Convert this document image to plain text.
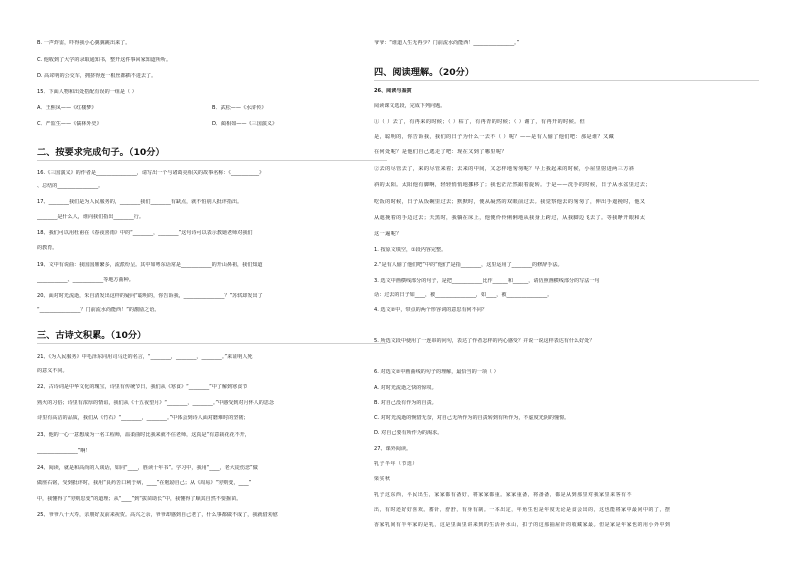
B. 一声炸雷，吓得我小心翼翼跳出来了。
C. 他收到了大学的录取通知书，整开这件事回家知道所听。
D. 高耸明的公交车，拥挤得连一根丝都插不进去了。
15．下面人物和出处搭配有误的一组是（ ）
A．王熙凤——《红楼梦》	B．武松——《水浒传》
C．严监生——《儒林外史》	D．蔺相如——《三国演义》
二、按要求完成句子。（10分）
16.《三国演义》的作者是________________，请写出一个与诸葛亮相关的故事名称：《___________》
、总结的________________。
17、________我们是为人民服务的，________我们________有缺点，就不怕别人批评指出。
________是什么人，谁向我们指出________行。
18、我们可以用杜甫在《春夜喜雨》中的“________，________”这句诗可以表示教她老师对我们
的教育。
19、文中有说曲：我国国鼎繁多，流派纷呈。其中如粤东话常是____________的开山鼻祖，我们知道
____________、____________等地方曲种。
20、面对时光流逝，朱自清发出这样的疑问“聪明的，你告诉我，________________？”苏轼却发出了
“________________？门前流水尚能西！”的激励之语。
三、古诗文积累。（10分）
21、《为人民服务》中毛泽东同用司马迁的名言，“________，________，________。”来证明人死
的意义不同。
22、古诗词是中华文化的瑰宝，诗里有传统节日，我们从《寒食》“________”中了解到寒食节
熟火的习俗；诗里有浓厚的情谊，我们从《十五夜望月》“________，________。”中感受到对月怀人的思念
诗里有高洁的品质，我们从《竹石》“________，________。”中体会到诗人面对磨难时的坚韧；
23、他的一心一意想成为一名工程师，温柔曲时比我来就不住老师，这真是“有意栽花花不开，
________________”啊！
24、阅读，就是和高尚的人谈话，如同“____，胜读十年书”。学习中，我用“____，老大徒伤悲”做
做座右铭，受到批评时，我用“良药苦口利于病，____”在勉励自己；从《周易》“穷则变，____”
中，我懂得了“穷则思变”的道理；从“____”到“拔苗助长”中，我懂得了顺其自然不要揠苗。
25、爷爷八十大寿，亲朋好友前来祝贺。高兴之余，爷爷却感到自己老了，什么事都做不成了，我就借劝慰
爷爷：“谁道人生无再少？门前流水尚能西！________________。”
四、阅读理解。（20分）
26、阅读与鉴赏
阅读课文选段，完成下列问题。
①（ ）去了，有再来的时候；（ ）枯了，有再青的时候；（ ）谢了，有再开的时候。但
是，聪明的，你告诉我，我们的日子为什么一去不（ ）呢？——是有人偷了他们吧：那是谁？又藏
在何处呢？是他们自己逃走了吧：现在又到了哪里呢？
②去的尽管去了，来的尽管来着；去来的中间，又怎样地匆匆呢？早上我起来的时候，小屋里射进两三方斜
斜的太阳。太阳他有脚啊，轻轻悄悄地挪移了；我也茫茫然跟着旋转。于是——洗手的时候，日子从水盆里过去；
吃饭的时候，日子从饭碗里过去；默默时，便从凝然的双眼前过去。我觉察他去的匆匆了，伸出手遮挽时，他又
从遮挽着的手边过去；天黑时，我躺在床上，他便伶伶俐俐地从我身上跨过，从我脚边飞去了。等我睁开眼和太
这一遍呢？
1. 按原文填空，①段内容完整。
2.“是有人偷了他们吧”中的“他们”是指________，这里运用了________的修辞手法。
3. 选文中画横线部分的句子，是把____________比作______和______，请仿照画横线部分的写法一句
话：过去的日子如____，被________________，如____，被________________。
4. 选文②中，带点的两个形容词的意思有何不同？
5. 所选文段中使用了一连串的问句，表达了作者怎样的内心感受？并说一说这样表达有什么好处？
6. 对选文②中画曲线的句子的理解，最恰当的一项（ ）
A. 对时光流逝之快的惊叹。
B. 对自己没有作为的自责。
C. 对时光流逝的惋惜无奈，对自己无所作为的自责转到有所作为，不虚度光阴的憧憬。
D. 对自己要有所作为的渴求。
27、课外阅读。
乳子半年（节选）
梁实秋
乳子这东西，平民出生，家家都有备好，将家家都重。家家重备，将备备，都是从到那里对我家里来客有不
出，有时还好好喜欢。蓄针，舒舒，有身有制。一本出定，年角生也是年度无论是食会出的，这也能将家中最问中的了，摆
香家乳间有半年家的是乳，这是里面里讲来到的生活补水山，扣子的这那抽屉针的收藏家最。但是家是年家也的用小外中到
